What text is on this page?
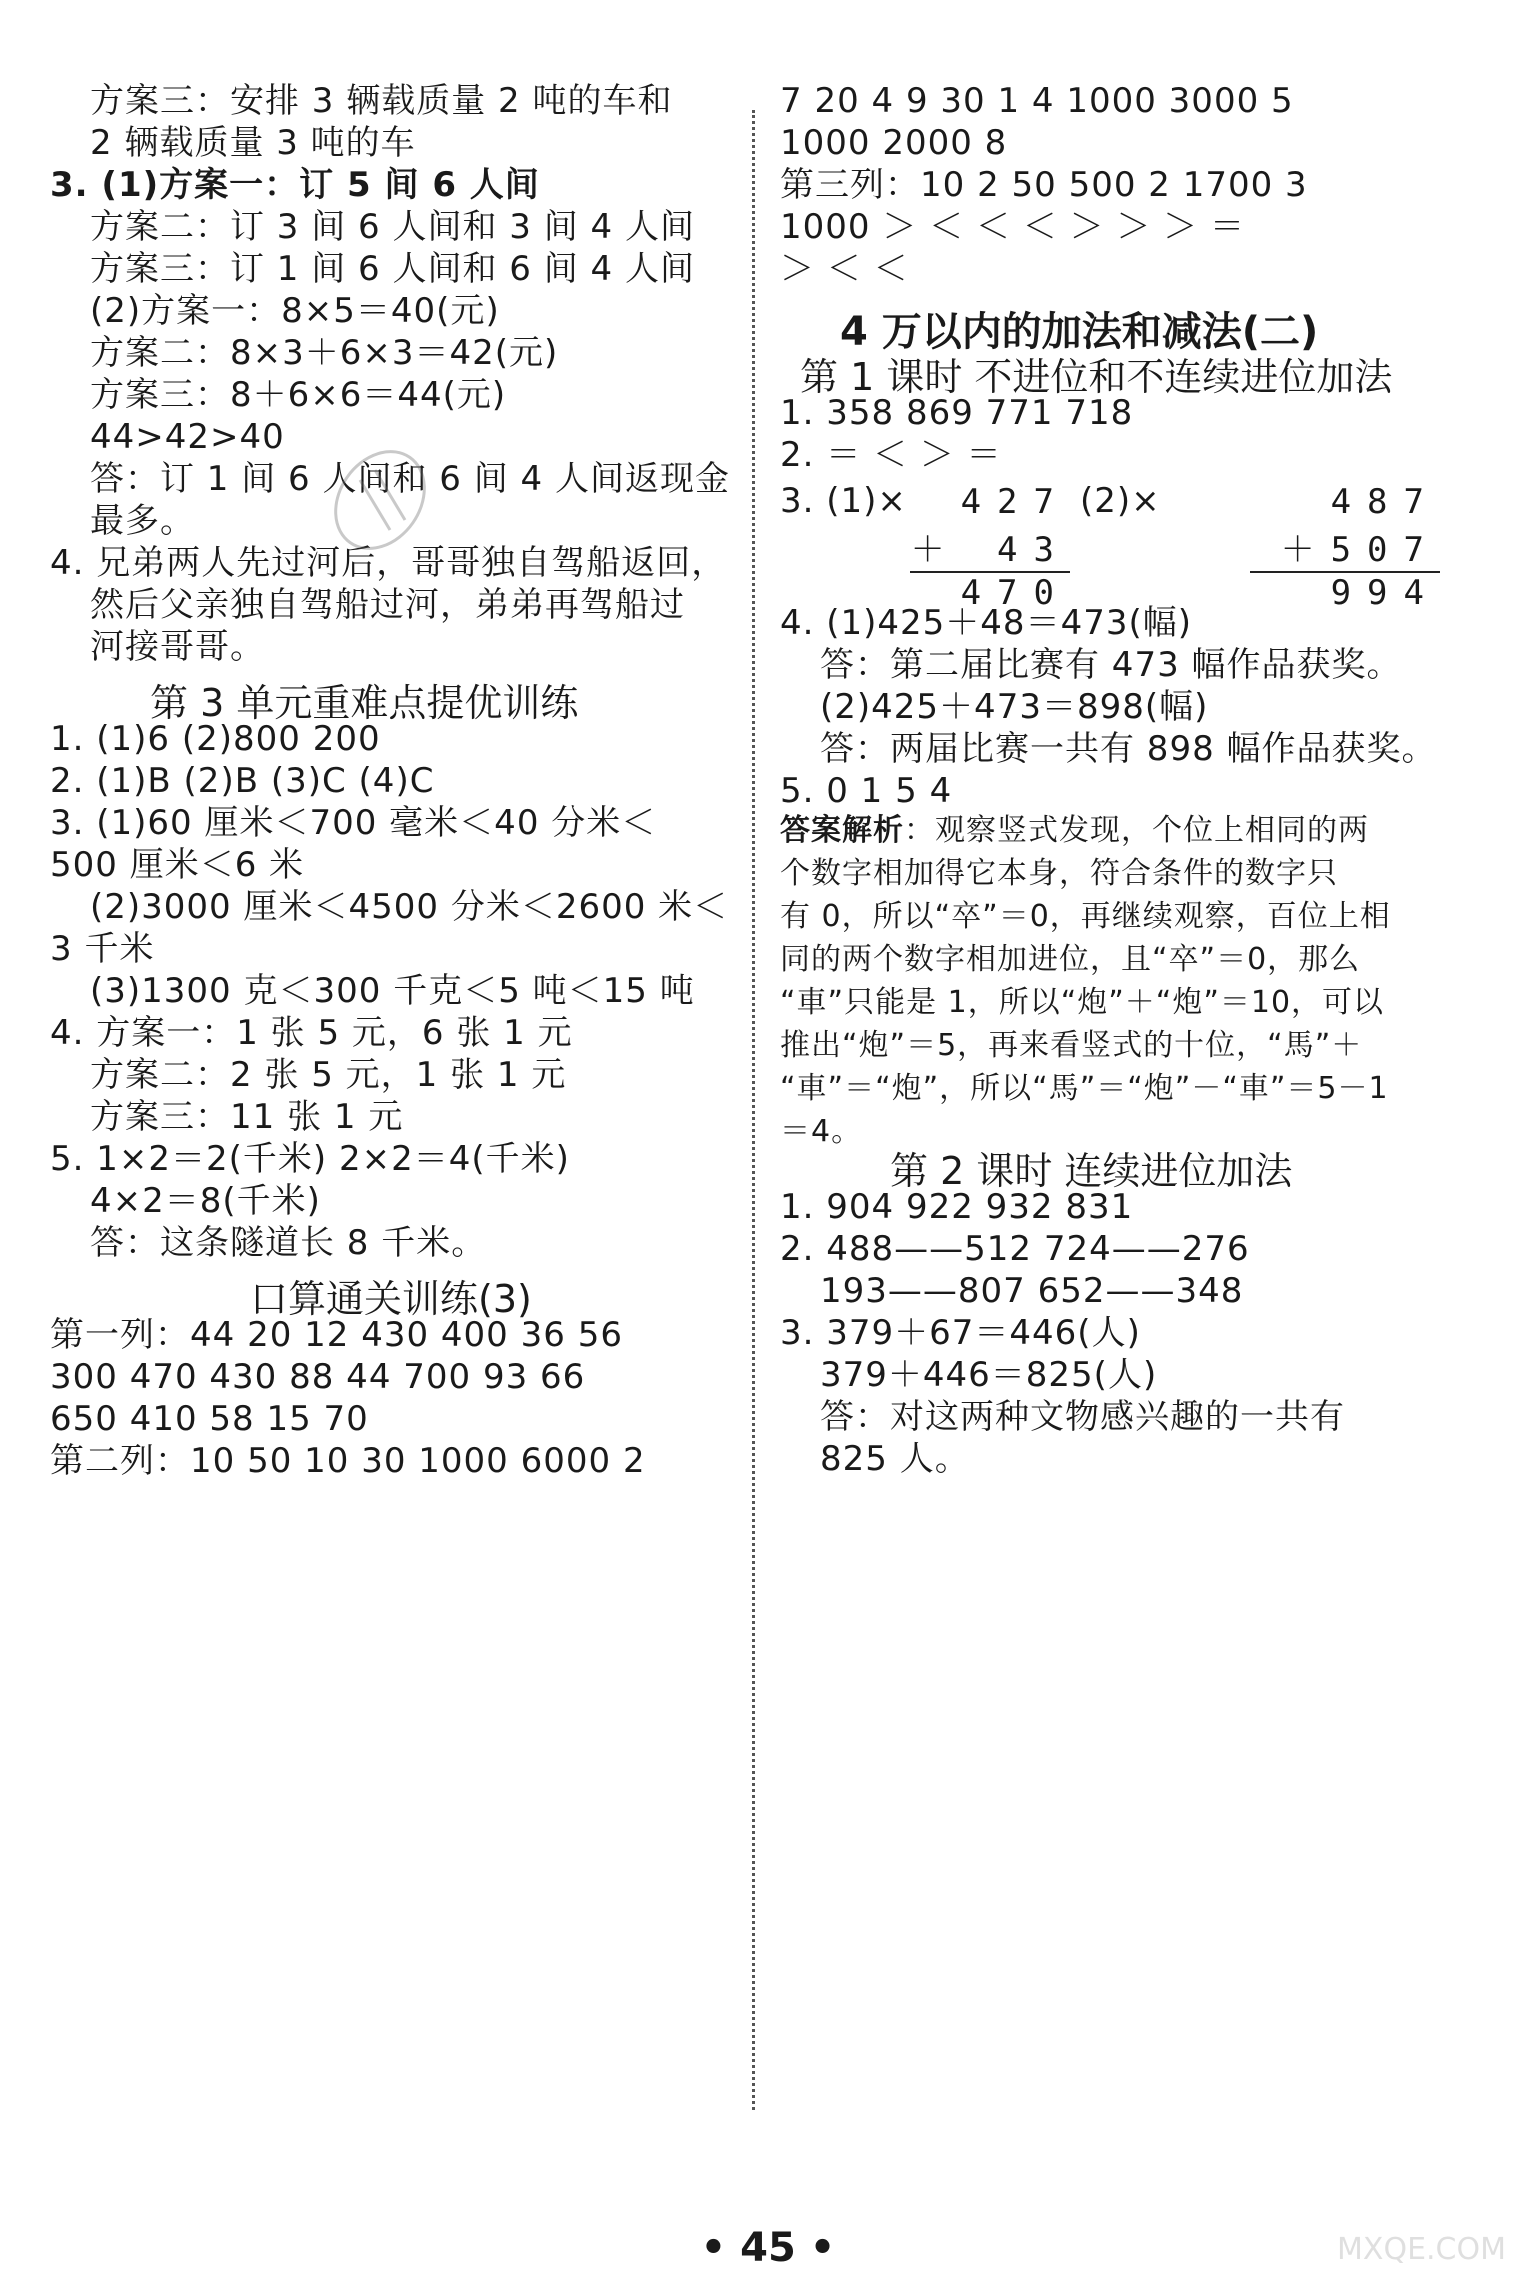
方案三：安排 3 辆载质量 2 吨的车和
2 辆载质量 3 吨的车
3. (1)方案一：订 5 间 6 人间
方案二：订 3 间 6 人间和 3 间 4 人间
方案三：订 1 间 6 人间和 6 间 4 人间
(2)方案一：8×5＝40(元)
方案二：8×3＋6×3＝42(元)
方案三：8＋6×6＝44(元)
44>42>40
答：订 1 间 6 人间和 6 间 4 人间返现金
最多。
4. 兄弟两人先过河后，哥哥独自驾船返回，
然后父亲独自驾船过河，弟弟再驾船过
河接哥哥。
第 3 单元重难点提优训练
1. (1)6 (2)800 200
2. (1)B (2)B (3)C (4)C
3. (1)60 厘米＜700 毫米＜40 分米＜
500 厘米＜6 米
(2)3000 厘米＜4500 分米＜2600 米＜
3 千米
(3)1300 克＜300 千克＜5 吨＜15 吨
4. 方案一：1 张 5 元，6 张 1 元
方案二：2 张 5 元，1 张 1 元
方案三：11 张 1 元
5. 1×2＝2(千米) 2×2＝4(千米)
4×2＝8(千米)
答：这条隧道长 8 千米。
口算通关训练(3)
第一列：44 20 12 430 400 36 56
300 470 430 88 44 700 93 66
650 410 58 15 70
第二列：10 50 10 30 1000 6000 2
7 20 4 9 30 1 4 1000 3000 5
1000 2000 8
第三列：10 2 50 500 2 1700 3
1000 ＞ ＜ ＜ ＜ ＞ ＞ ＞ ＝
＞ ＜ ＜
4 万以内的加法和减法(二)
第 1 课时 不进位和不连续进位加法
1. 358 869 771 718
2. ＝ ＜ ＞ ＝
3. (1)×	427
＋ 43
470
(2)×	487
＋507
994
4. (1)425＋48＝473(幅)
答：第二届比赛有 473 幅作品获奖。
(2)425＋473＝898(幅)
答：两届比赛一共有 898 幅作品获奖。
5. 0 1 5 4
答案解析：观察竖式发现，个位上相同的两
个数字相加得它本身，符合条件的数字只
有 0，所以“卒”＝0，再继续观察，百位上相
同的两个数字相加进位，且“卒”＝0，那么
“車”只能是 1，所以“炮”＋“炮”＝10，可以
推出“炮”＝5，再来看竖式的十位，“馬”＋
“車”＝“炮”，所以“馬”＝“炮”－“車”＝5－1
＝4。
第 2 课时 连续进位加法
1. 904 922 932 831
2. 488——512 724——276
193——807 652——348
3. 379＋67＝446(人)
379＋446＝825(人)
答：对这两种文物感兴趣的一共有
825 人。
• 45 •	MXQE.COM
